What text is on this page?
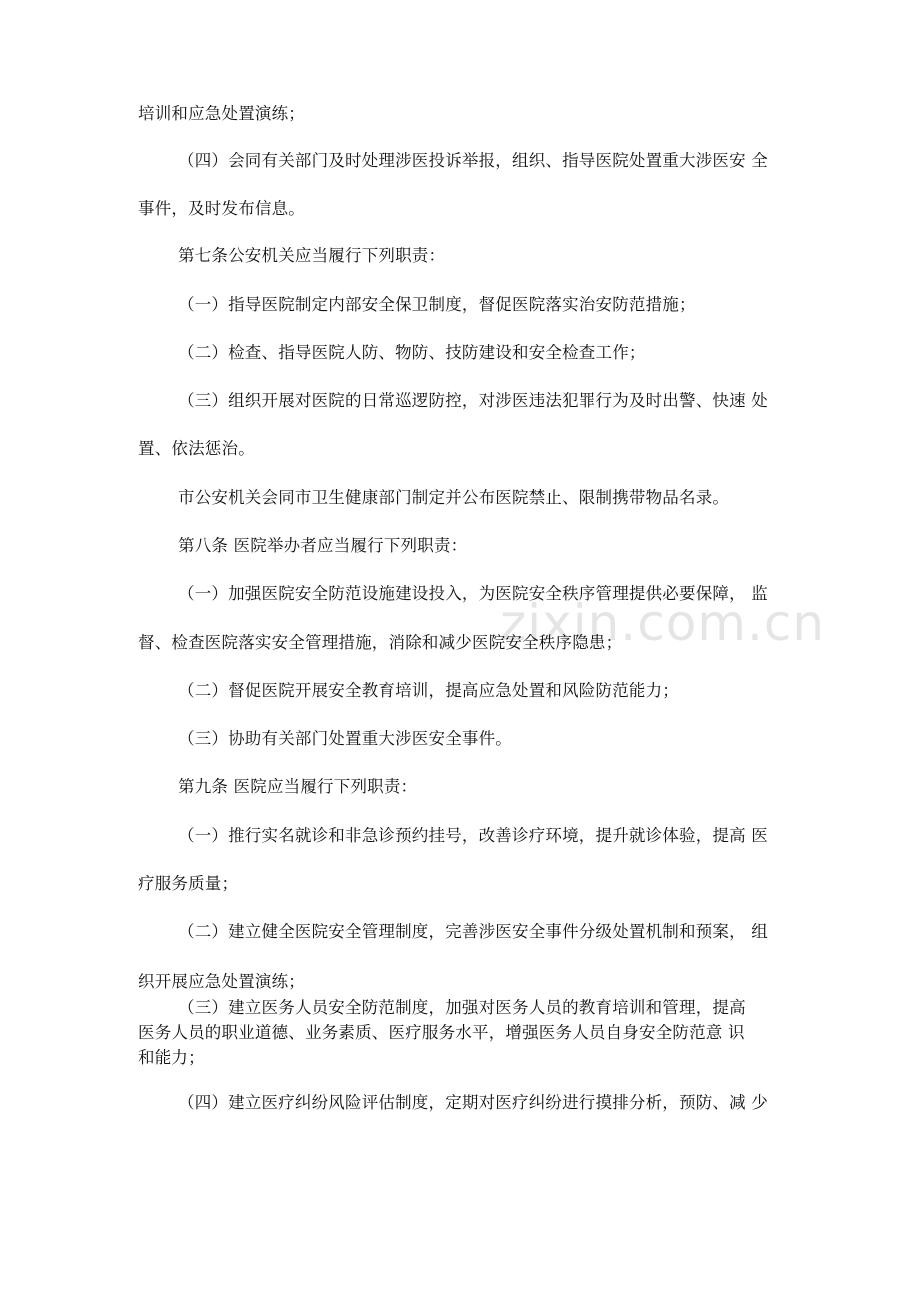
培训和应急处置演练；
（四）会同有关部门及时处理涉医投诉举报，组织、指导医院处置重大涉医安 全
事件，及时发布信息。
第七条公安机关应当履行下列职责：
（一）指导医院制定内部安全保卫制度，督促医院落实治安防范措施；
（二）检查、指导医院人防、物防、技防建设和安全检查工作；
（三）组织开展对医院的日常巡逻防控，对涉医违法犯罪行为及时出警、快速 处
置、依法惩治。
市公安机关会同市卫生健康部门制定并公布医院禁止、限制携带物品名录。
第八条 医院举办者应当履行下列职责：
（一）加强医院安全防范设施建设投入，为医院安全秩序管理提供必要保障， 监
督、检查医院落实安全管理措施，消除和减少医院安全秩序隐患；
（二）督促医院开展安全教育培训，提高应急处置和风险防范能力；
（三）协助有关部门处置重大涉医安全事件。
第九条 医院应当履行下列职责：
（一）推行实名就诊和非急诊预约挂号，改善诊疗环境，提升就诊体验，提高 医
疗服务质量；
（二）建立健全医院安全管理制度，完善涉医安全事件分级处置机制和预案， 组
织开展应急处置演练；
（三）建立医务人员安全防范制度，加强对医务人员的教育培训和管理，提高
医务人员的职业道德、业务素质、医疗服务水平，增强医务人员自身安全防范意 识
和能力；
（四）建立医疗纠纷风险评估制度，定期对医疗纠纷进行摸排分析，预防、减 少
zixin.com.cn
